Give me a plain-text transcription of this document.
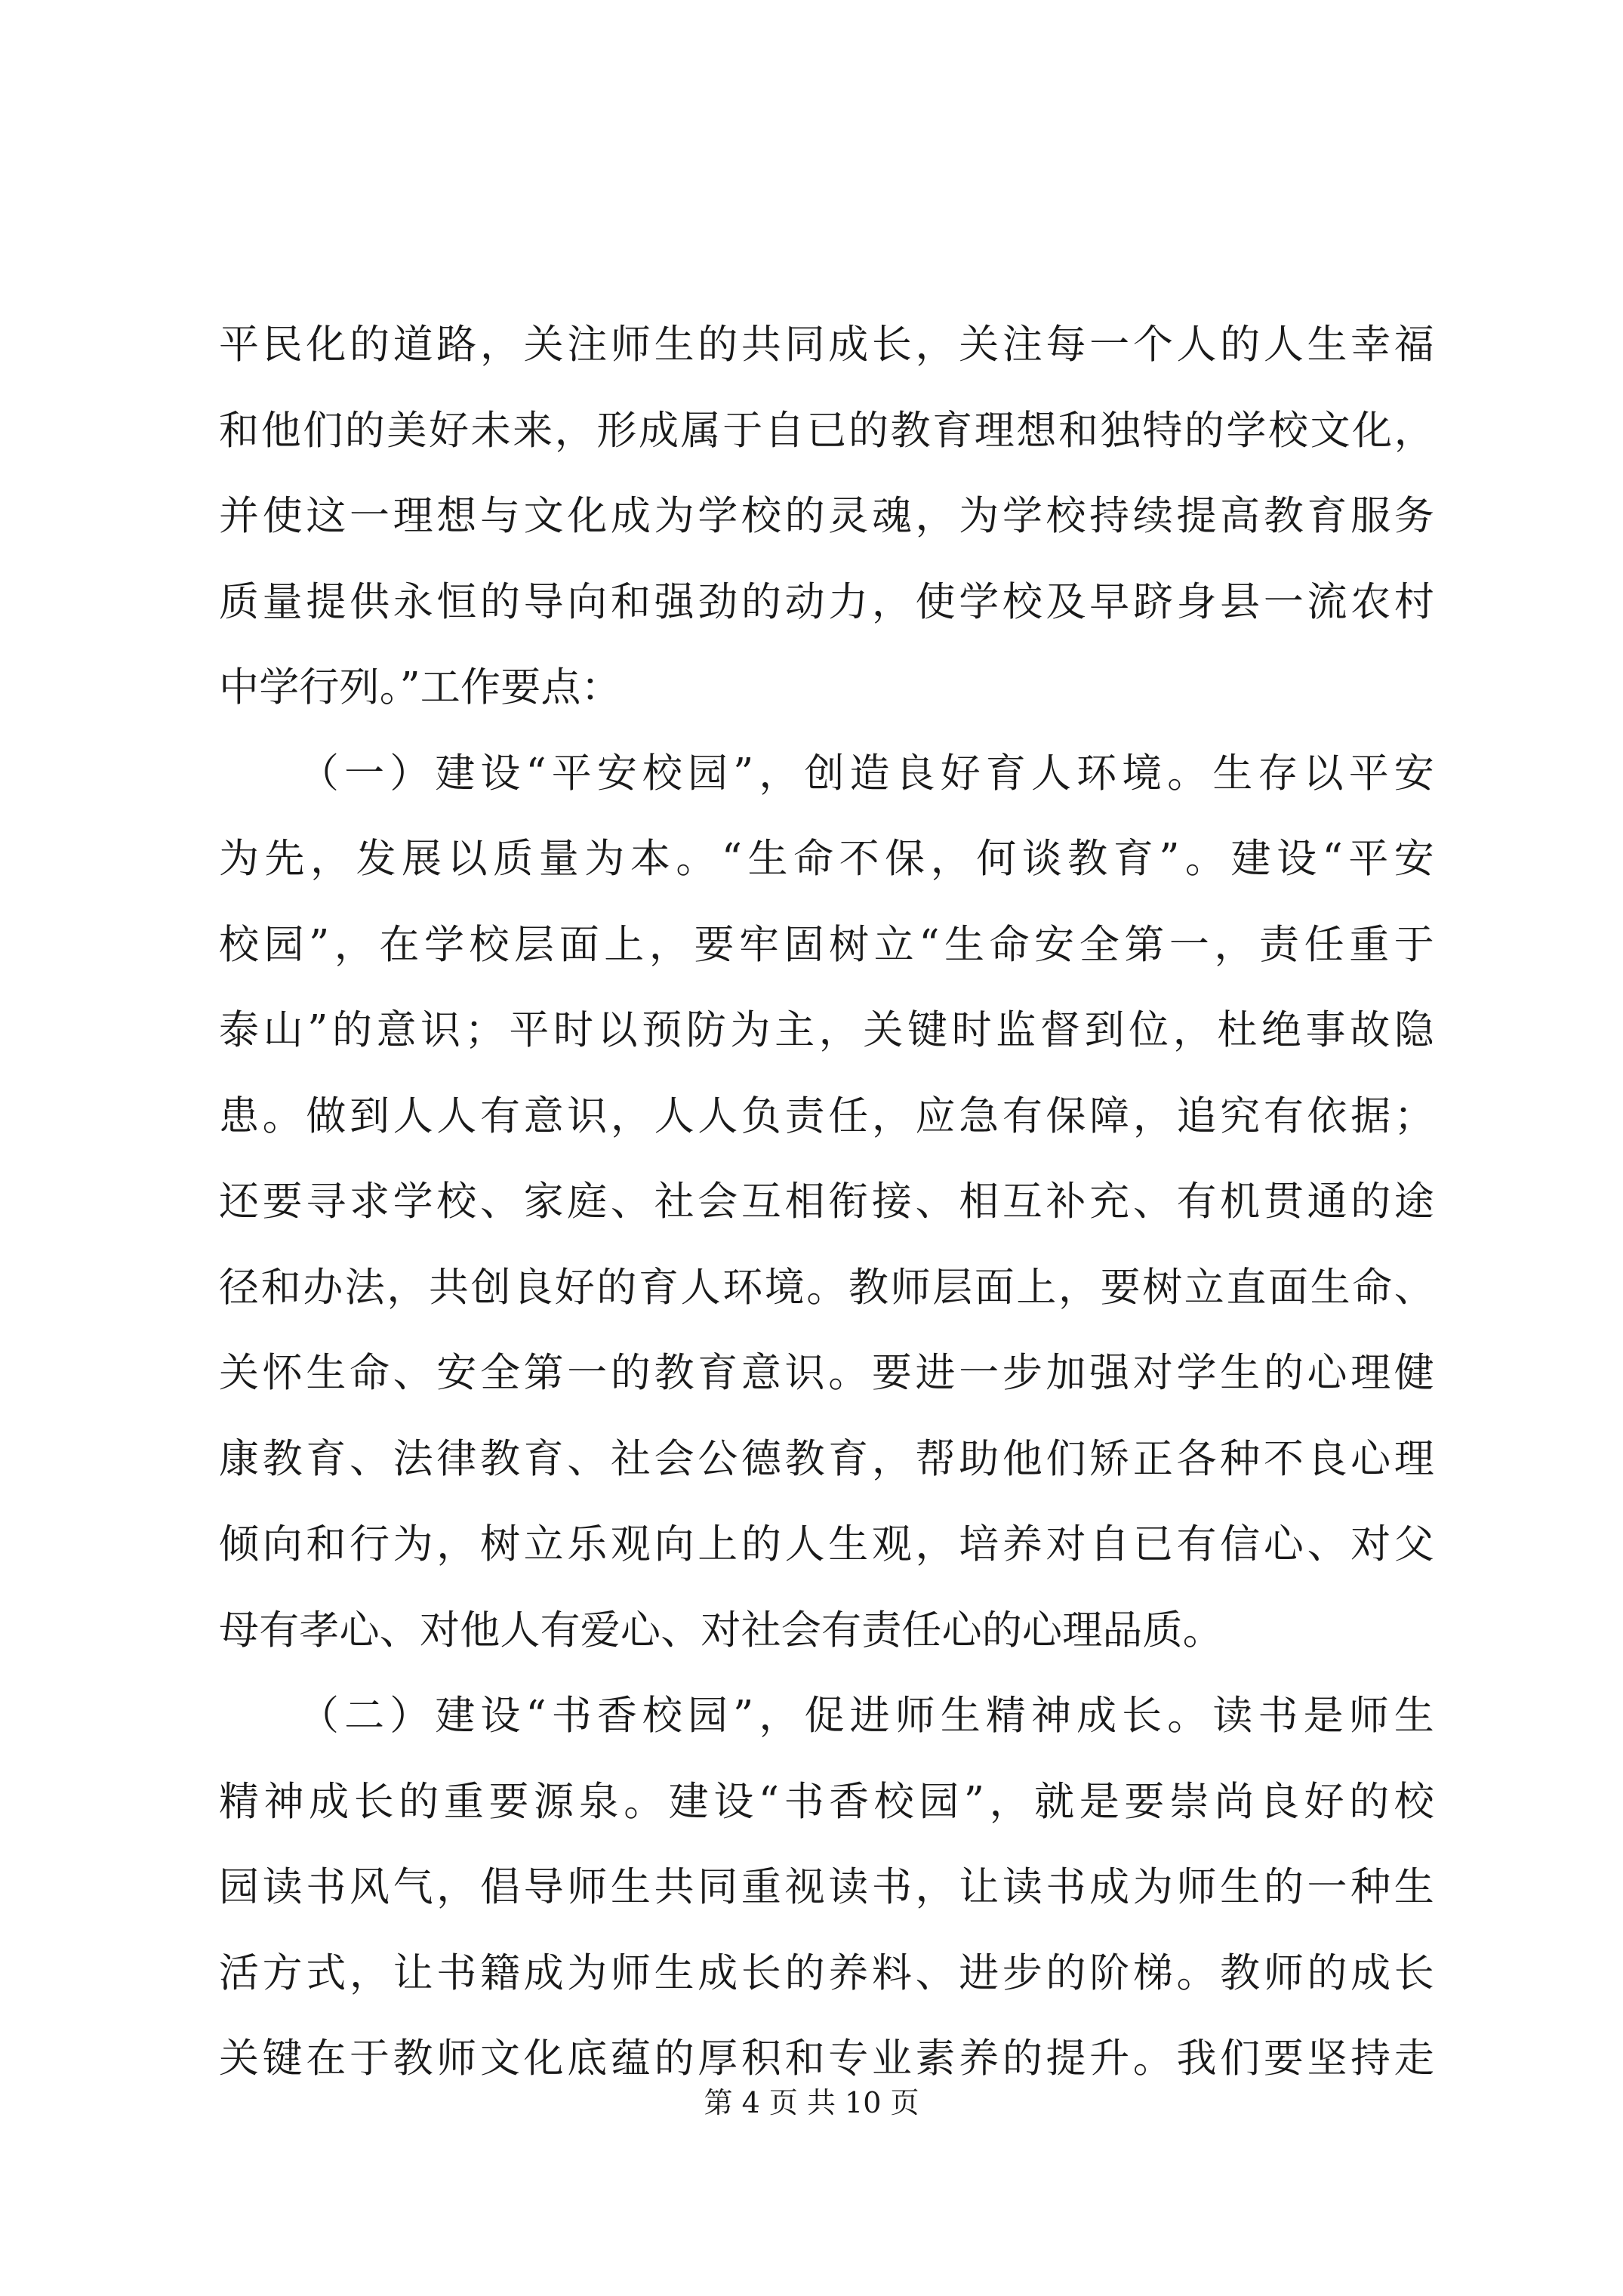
平民化的道路，关注师生的共同成长，关注每一个人的人生幸福
和他们的美好未来，形成属于自已的教育理想和独特的学校文化，
并使这一理想与文化成为学校的灵魂，为学校持续提高教育服务
质量提供永恒的导向和强劲的动力，使学校及早跻身县一流农村
中学行列。”工作要点：
（一）建设“平安校园”，创造良好育人环境。生存以平安
为先，发展以质量为本。“生命不保，何谈教育”。建设“平安
校园”，在学校层面上，要牢固树立“生命安全第一，责任重于
泰山”的意识；平时以预防为主，关键时监督到位，杜绝事故隐
患。做到人人有意识，人人负责任，应急有保障，追究有依据；
还要寻求学校、家庭、社会互相衔接、相互补充、有机贯通的途
径和办法，共创良好的育人环境。教师层面上，要树立直面生命、
关怀生命、安全第一的教育意识。要进一步加强对学生的心理健
康教育、法律教育、社会公德教育，帮助他们矫正各种不良心理
倾向和行为，树立乐观向上的人生观，培养对自已有信心、对父
母有孝心、对他人有爱心、对社会有责任心的心理品质。
（二）建设“书香校园”，促进师生精神成长。读书是师生
精神成长的重要源泉。建设“书香校园”，就是要崇尚良好的校
园读书风气，倡导师生共同重视读书，让读书成为师生的一种生
活方式，让书籍成为师生成长的养料、进步的阶梯。教师的成长
关键在于教师文化底蕴的厚积和专业素养的提升。我们要坚持走
第 4 页 共 10 页
